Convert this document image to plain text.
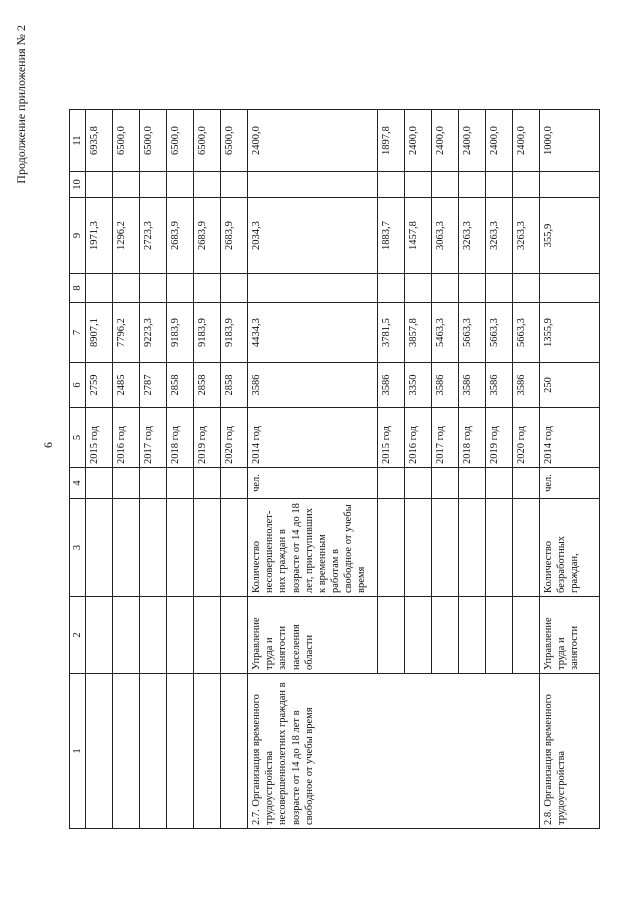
6
Продолжение приложения № 2
1	2	3	4	5	6	7	8	9	10	11
				2015 год	2759	8907,1		1971,3		6935,8
				2016 год	2485	7796,2		1296,2		6500,0
				2017 год	2787	9223,3		2723,3		6500,0
				2018 год	2858	9183,9		2683,9		6500,0
				2019 год	2858	9183,9		2683,9		6500,0
				2020 год	2858	9183,9		2683,9		6500,0
2.7. Организация временного трудоустройства несовершеннолетних граждан в возрасте от 14 до 18 лет в свободное от учебы время	Управление труда и занятости населения области	Количество несовершеннолет-них граждан в возрасте от 14 до 18 лет, приступивших к временным работам в свободное от учебы время	чел.	2014 год	3586	4434,3		2034,3		2400,0
				2015 год	3586	3781,5		1883,7		1897,8
				2016 год	3350	3857,8		1457,8		2400,0
				2017 год	3586	5463,3		3063,3		2400,0
				2018 год	3586	5663,3		3263,3		2400,0
				2019 год	3586	5663,3		3263,3		2400,0
				2020 год	3586	5663,3		3263,3		2400,0
2.8. Организация временного трудоустройства	Управление труда и занятости	Количество безработных граждан,	чел.	2014 год	250	1355,9		355,9		1000,0
